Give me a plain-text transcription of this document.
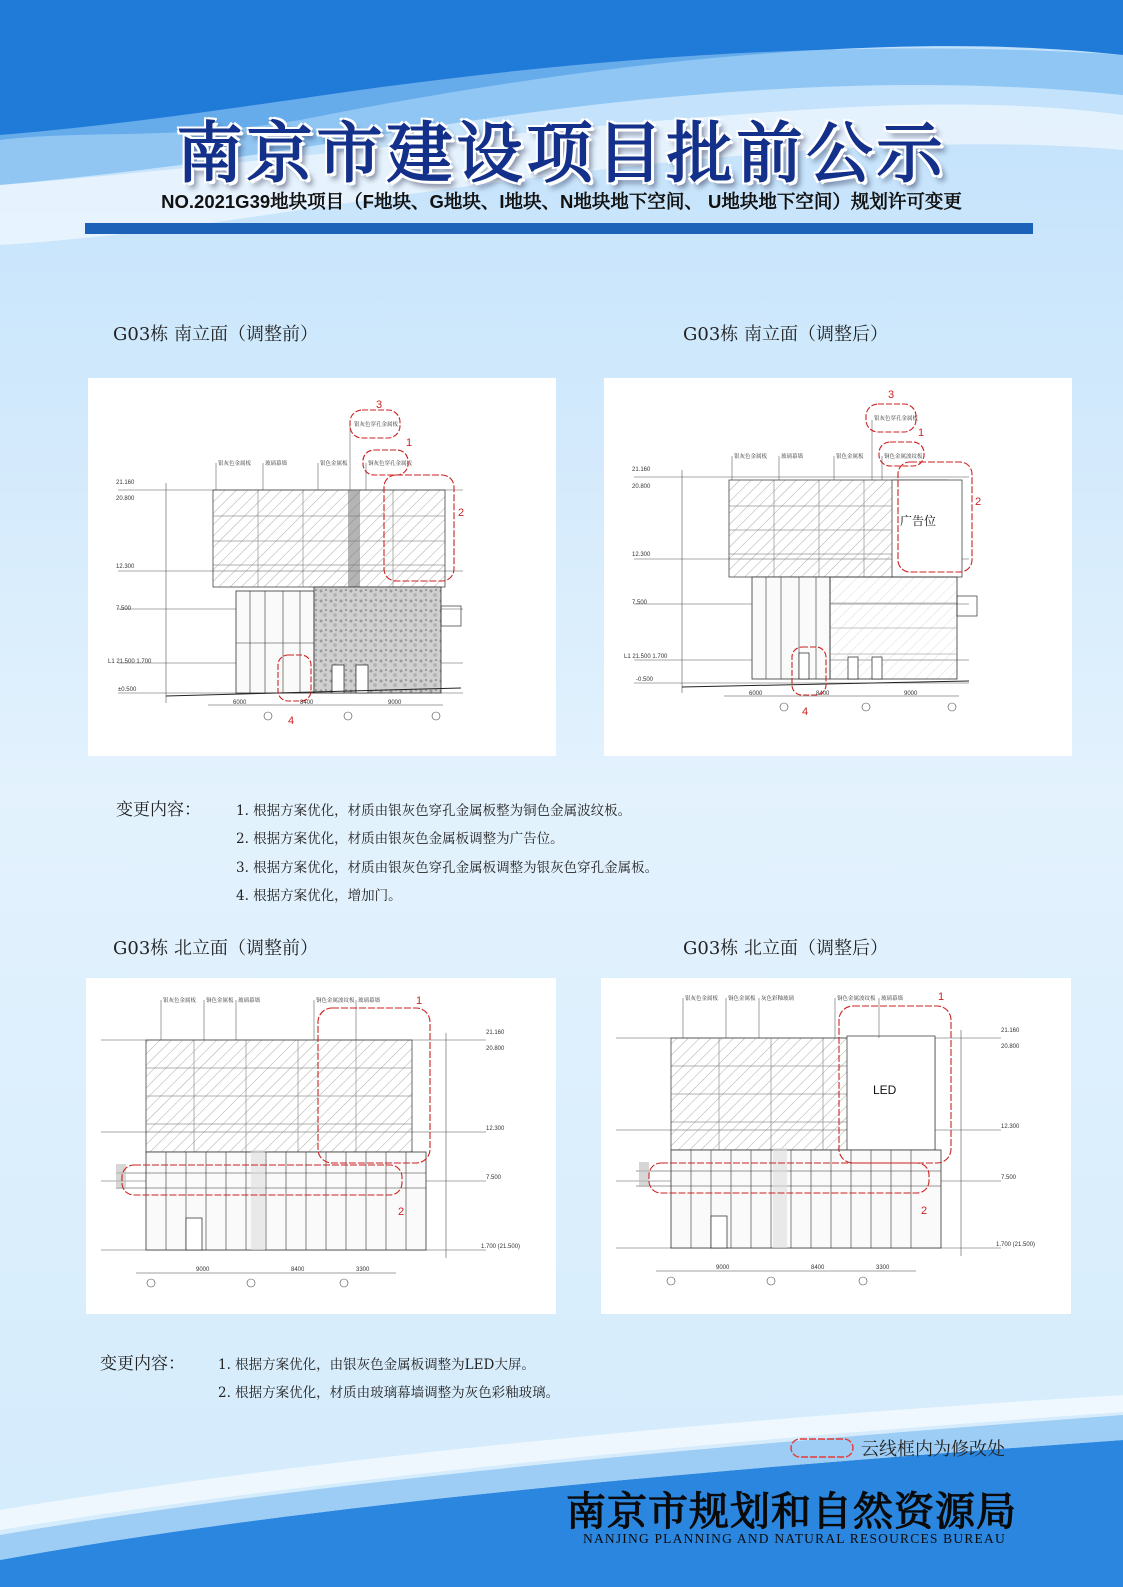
南京市建设项目批前公示
NO.2021G39地块项目（F地块、G地块、I地块、N地块地下空间、 U地块地下空间）规划许可变更
G03栋 南立面（调整前）	G03栋 南立面（调整后）
21.160
20.800
12.300
7.500
L1 21.500 1.700
±0.500
6000	8400	9000
银灰色金属板	玻璃幕墙	银色金属板	铜灰色穿孔金属板
银灰色穿孔金属板
3
1
2
4
21.160
20.800
12.300
7.500
L1 21.500 1.700
-0.500
广告位
6000	8400	9000
银灰色金属板	玻璃幕墙	银色金属板	铜色金属波纹板
银灰色穿孔金属板
3
1
2
4
变更内容：	1. 根据方案优化，材质由银灰色穿孔金属板整为铜色金属波纹板。
2. 根据方案优化，材质由银灰色金属板调整为广告位。
3. 根据方案优化，材质由银灰色穿孔金属板调整为银灰色穿孔金属板。
4. 根据方案优化，增加门。
G03栋 北立面（调整前）	G03栋 北立面（调整后）
21.160
20.800
12.300
7.500
1.700 (21.500)
9000	8400	3300
银灰色金属板 铜色金属板 玻璃幕墙	铜色金属波纹板 玻璃幕墙	1
2
21.160
20.800
12.300
7.500
1.700 (21.500)
LED
9000	8400	3300
银灰色金属板 铜色金属板 灰色彩釉玻璃	铜色金属波纹板 玻璃幕墙	1
2
变更内容： 1. 根据方案优化，由银灰色金属板调整为LED大屏。
2. 根据方案优化，材质由玻璃幕墙调整为灰色彩釉玻璃。
云线框内为修改处
南京市规划和自然资源局
NANJING PLANNING AND NATURAL RESOURCES BUREAU
